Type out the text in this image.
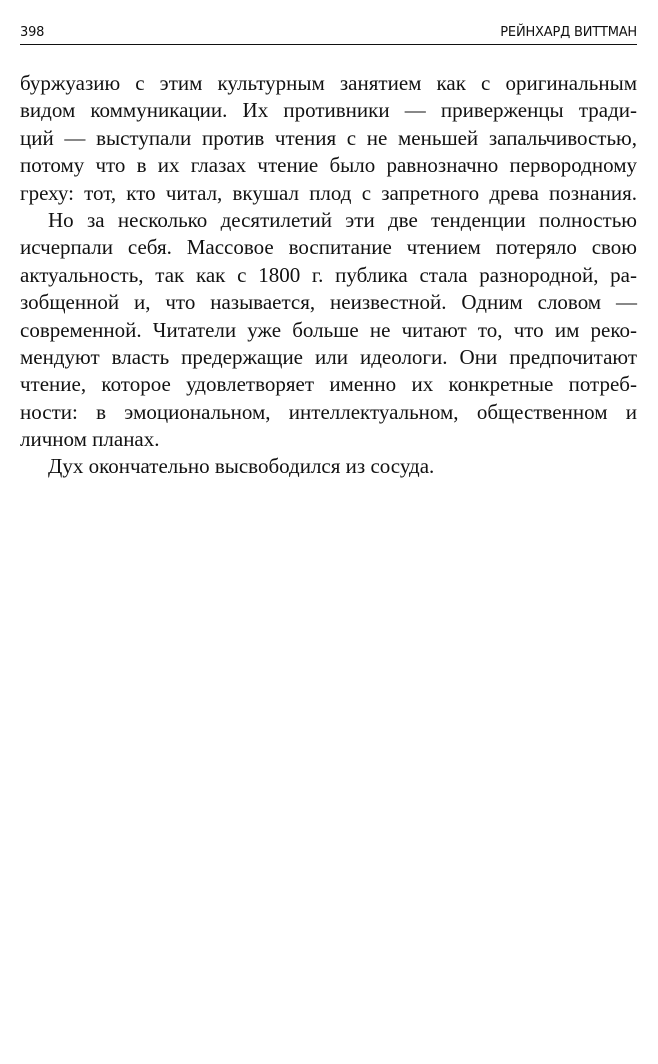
398	РЕЙНХАРД ВИТТМАН
буржуазию с этим культурным занятием как с оригинальным
видом коммуникации. Их противники — приверженцы тради-
ций — выступали против чтения с не меньшей запальчивостью,
потому что в их глазах чтение было равнозначно первородному
греху: тот, кто читал, вкушал плод с запретного древа познания.
Но за несколько десятилетий эти две тенденции полностью
исчерпали себя. Массовое воспитание чтением потеряло свою
актуальность, так как с 1800 г. публика стала разнородной, ра-
зобщенной и, что называется, неизвестной. Одним словом —
современной. Читатели уже больше не читают то, что им реко-
мендуют власть предержащие или идеологи. Они предпочитают
чтение, которое удовлетворяет именно их конкретные потреб-
ности: в эмоциональном, интеллектуальном, общественном и
личном планах.
Дух окончательно высвободился из сосуда.
